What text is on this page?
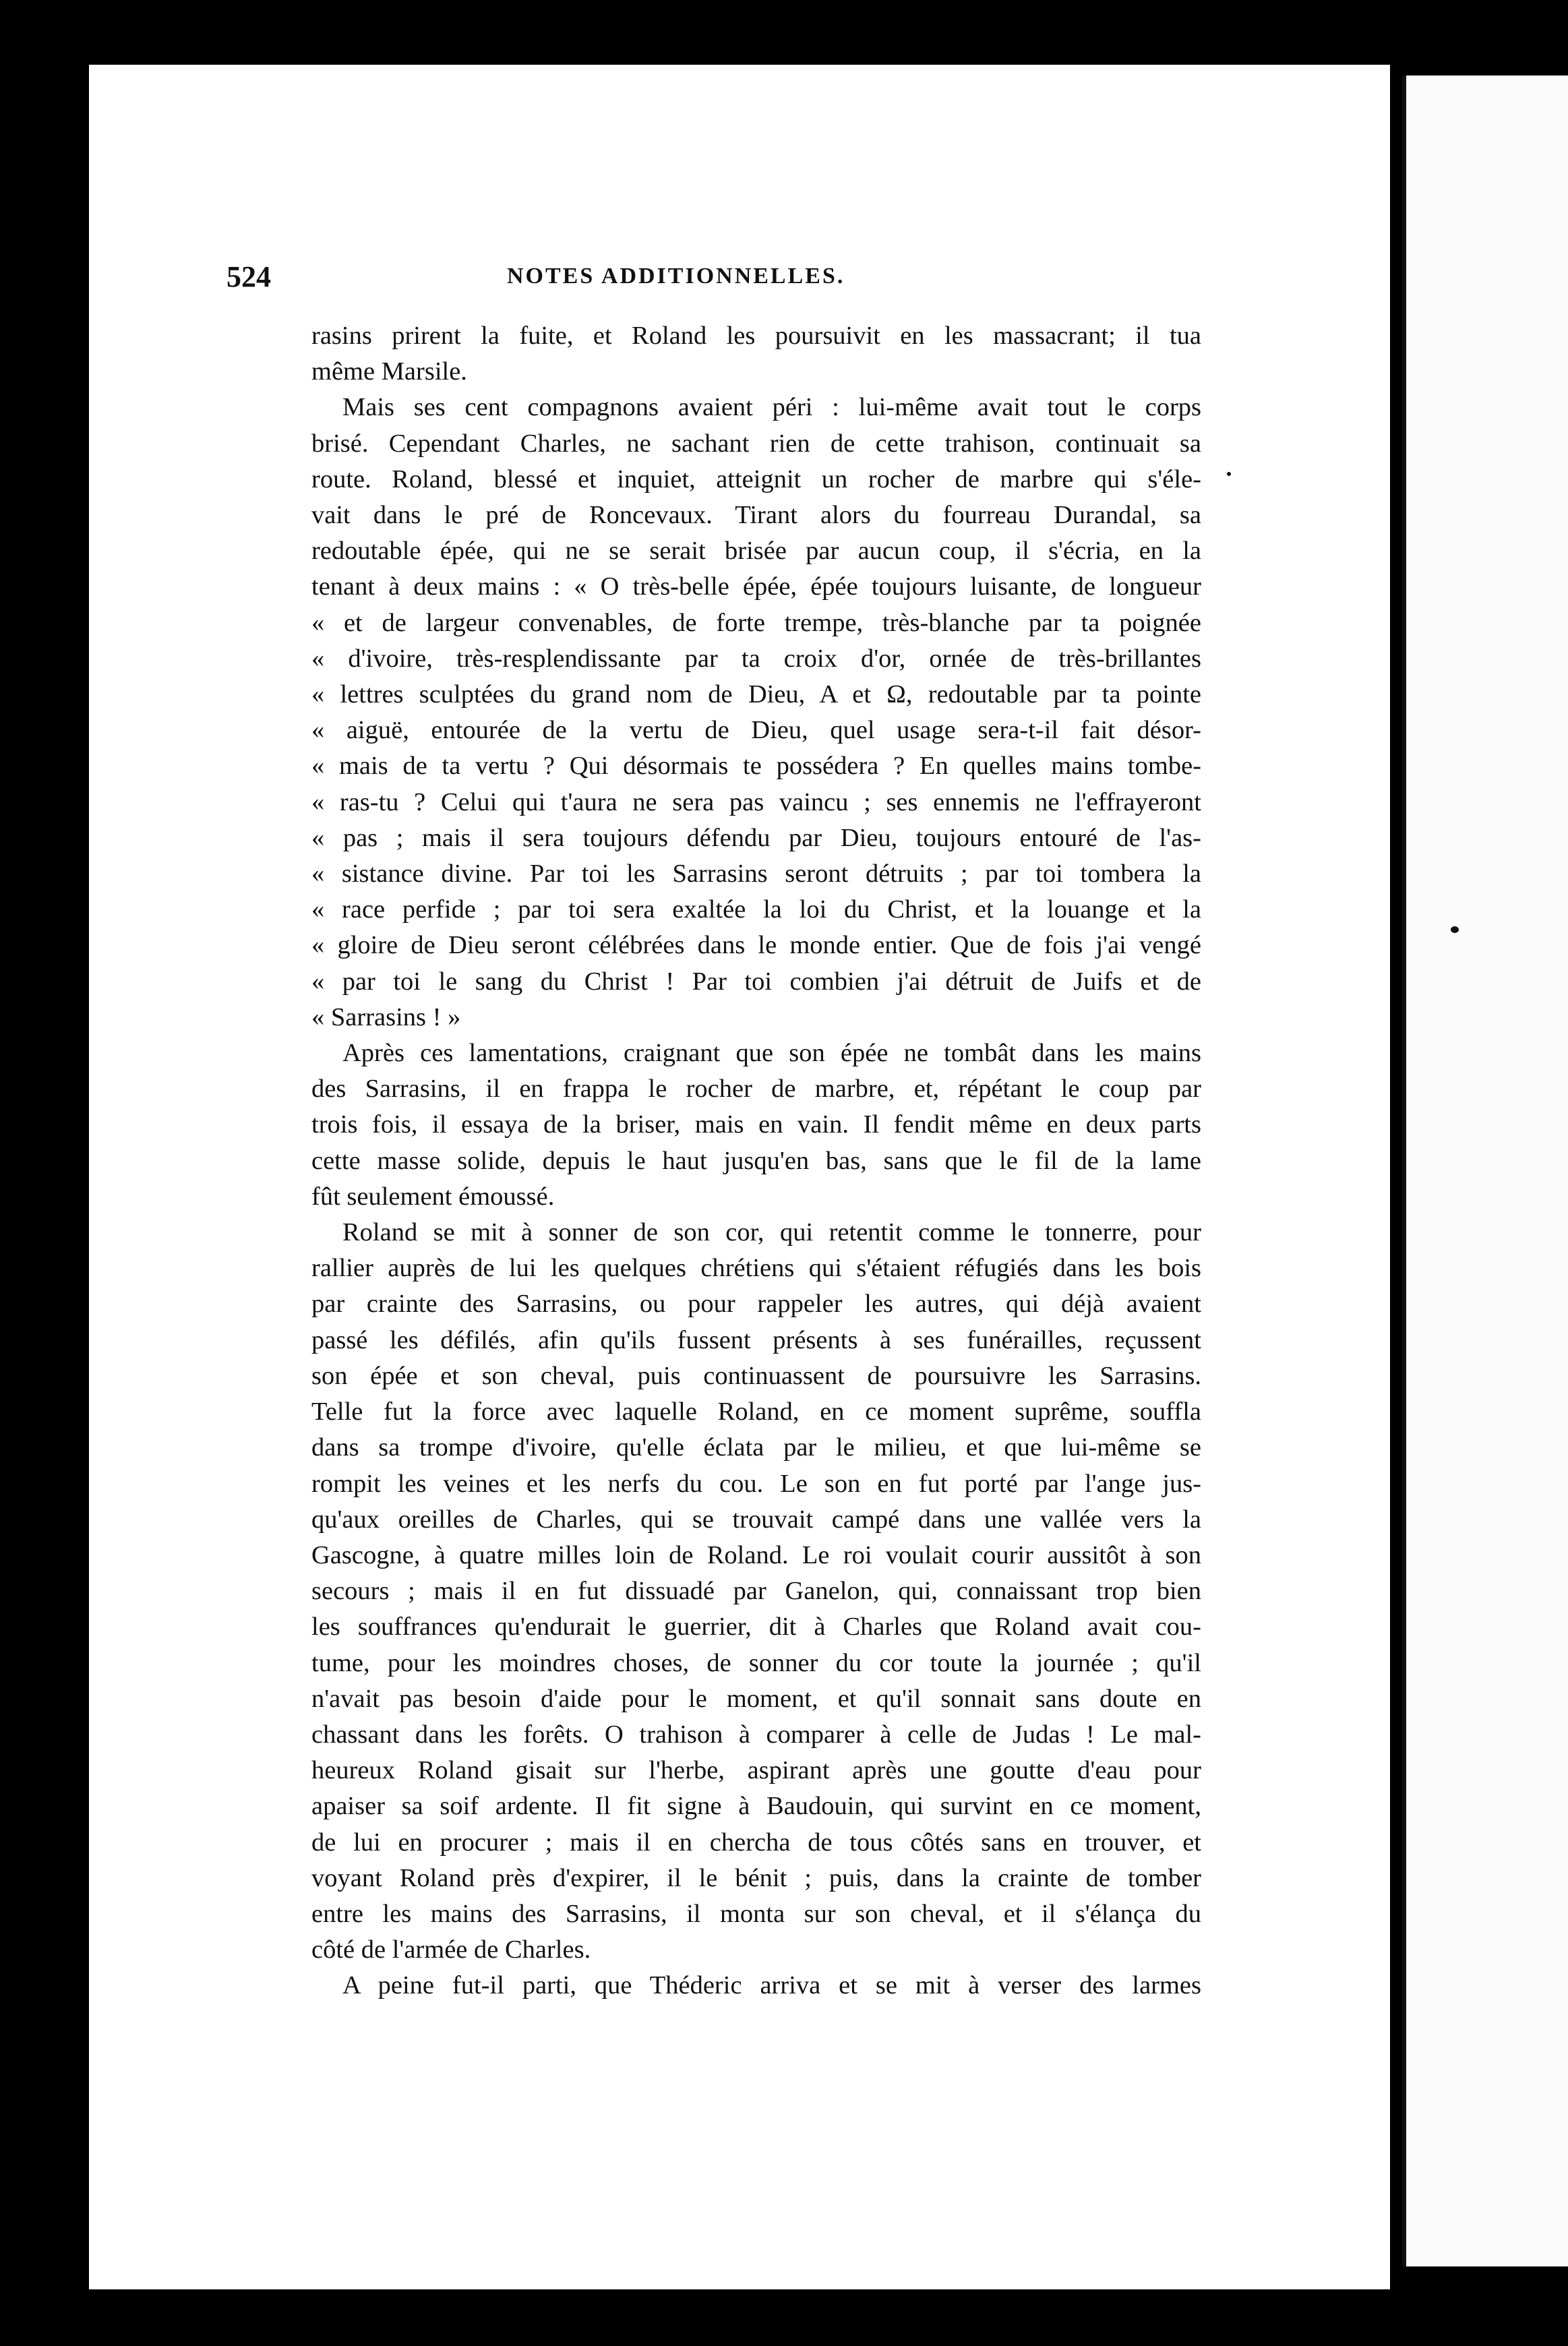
524	NOTES ADDITIONNELLES.
rasins prirent la fuite, et Roland les poursuivit en les massacrant; il tua
même Marsile.
Mais ses cent compagnons avaient péri : lui-même avait tout le corps
brisé. Cependant Charles, ne sachant rien de cette trahison, continuait sa
route. Roland, blessé et inquiet, atteignit un rocher de marbre qui s'éle-
vait dans le pré de Roncevaux. Tirant alors du fourreau Durandal, sa
redoutable épée, qui ne se serait brisée par aucun coup, il s'écria, en la
tenant à deux mains : « O très-belle épée, épée toujours luisante, de longueur
« et de largeur convenables, de forte trempe, très-blanche par ta poignée
« d'ivoire, très-resplendissante par ta croix d'or, ornée de très-brillantes
« lettres sculptées du grand nom de Dieu, A et Ω, redoutable par ta pointe
« aiguë, entourée de la vertu de Dieu, quel usage sera-t-il fait désor-
« mais de ta vertu ? Qui désormais te possédera ? En quelles mains tombe-
« ras-tu ? Celui qui t'aura ne sera pas vaincu ; ses ennemis ne l'effrayeront
« pas ; mais il sera toujours défendu par Dieu, toujours entouré de l'as-
« sistance divine. Par toi les Sarrasins seront détruits ; par toi tombera la
« race perfide ; par toi sera exaltée la loi du Christ, et la louange et la
« gloire de Dieu seront célébrées dans le monde entier. Que de fois j'ai vengé
« par toi le sang du Christ ! Par toi combien j'ai détruit de Juifs et de
« Sarrasins ! »
Après ces lamentations, craignant que son épée ne tombât dans les mains
des Sarrasins, il en frappa le rocher de marbre, et, répétant le coup par
trois fois, il essaya de la briser, mais en vain. Il fendit même en deux parts
cette masse solide, depuis le haut jusqu'en bas, sans que le fil de la lame
fût seulement émoussé.
Roland se mit à sonner de son cor, qui retentit comme le tonnerre, pour
rallier auprès de lui les quelques chrétiens qui s'étaient réfugiés dans les bois
par crainte des Sarrasins, ou pour rappeler les autres, qui déjà avaient
passé les défilés, afin qu'ils fussent présents à ses funérailles, reçussent
son épée et son cheval, puis continuassent de poursuivre les Sarrasins.
Telle fut la force avec laquelle Roland, en ce moment suprême, souffla
dans sa trompe d'ivoire, qu'elle éclata par le milieu, et que lui-même se
rompit les veines et les nerfs du cou. Le son en fut porté par l'ange jus-
qu'aux oreilles de Charles, qui se trouvait campé dans une vallée vers la
Gascogne, à quatre milles loin de Roland. Le roi voulait courir aussitôt à son
secours ; mais il en fut dissuadé par Ganelon, qui, connaissant trop bien
les souffrances qu'endurait le guerrier, dit à Charles que Roland avait cou-
tume, pour les moindres choses, de sonner du cor toute la journée ; qu'il
n'avait pas besoin d'aide pour le moment, et qu'il sonnait sans doute en
chassant dans les forêts. O trahison à comparer à celle de Judas ! Le mal-
heureux Roland gisait sur l'herbe, aspirant après une goutte d'eau pour
apaiser sa soif ardente. Il fit signe à Baudouin, qui survint en ce moment,
de lui en procurer ; mais il en chercha de tous côtés sans en trouver, et
voyant Roland près d'expirer, il le bénit ; puis, dans la crainte de tomber
entre les mains des Sarrasins, il monta sur son cheval, et il s'élança du
côté de l'armée de Charles.
A peine fut-il parti, que Théderic arriva et se mit à verser des larmes
